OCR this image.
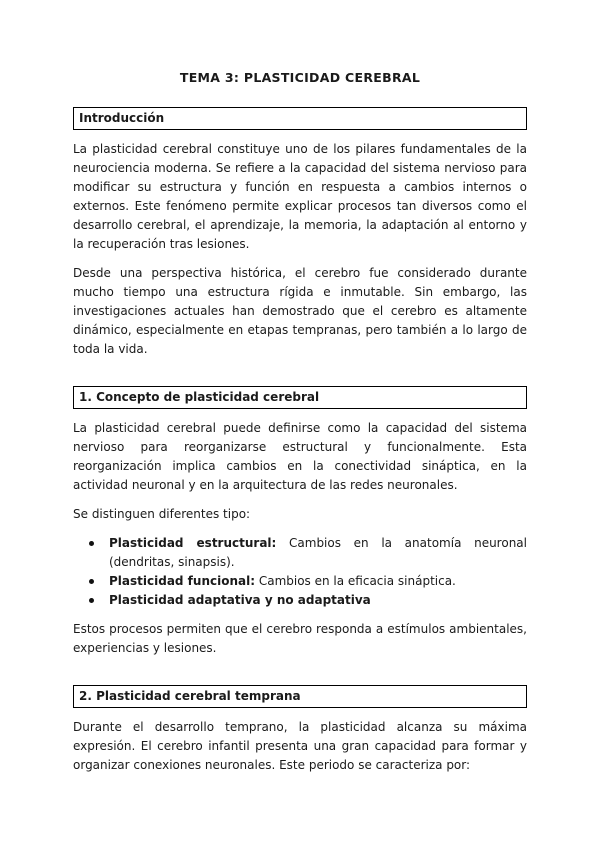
TEMA 3: PLASTICIDAD CEREBRAL
Introducción

La plasticidad cerebral constituye uno de los pilares fundamentales de la neurociencia moderna. Se refiere a la capacidad del sistema nervioso para modificar su estructura y función en respuesta a cambios internos o externos. Este fenómeno permite explicar procesos tan diversos como el desarrollo cerebral, el aprendizaje, la memoria, la adaptación al entorno y la recuperación tras lesiones.

Desde una perspectiva histórica, el cerebro fue considerado durante mucho tiempo una estructura rígida e inmutable. Sin embargo, las investigaciones actuales han demostrado que el cerebro es altamente dinámico, especialmente en etapas tempranas, pero también a lo largo de toda la vida.

1. Concepto de plasticidad cerebral

La plasticidad cerebral puede definirse como la capacidad del sistema nervioso para reorganizarse estructural y funcionalmente. Esta reorganización implica cambios en la conectividad sináptica, en la actividad neuronal y en la arquitectura de las redes neuronales.

Se distinguen diferentes tipo:

Plasticidad estructural: Cambios en la anatomía neuronal (dendritas, sinapsis).
Plasticidad funcional: Cambios en la eficacia sináptica.
Plasticidad adaptativa y no adaptativa

Estos procesos permiten que el cerebro responda a estímulos ambientales, experiencias y lesiones.

2. Plasticidad cerebral temprana

Durante el desarrollo temprano, la plasticidad alcanza su máxima expresión. El cerebro infantil presenta una gran capacidad para formar y organizar conexiones neuronales. Este periodo se caracteriza por:
